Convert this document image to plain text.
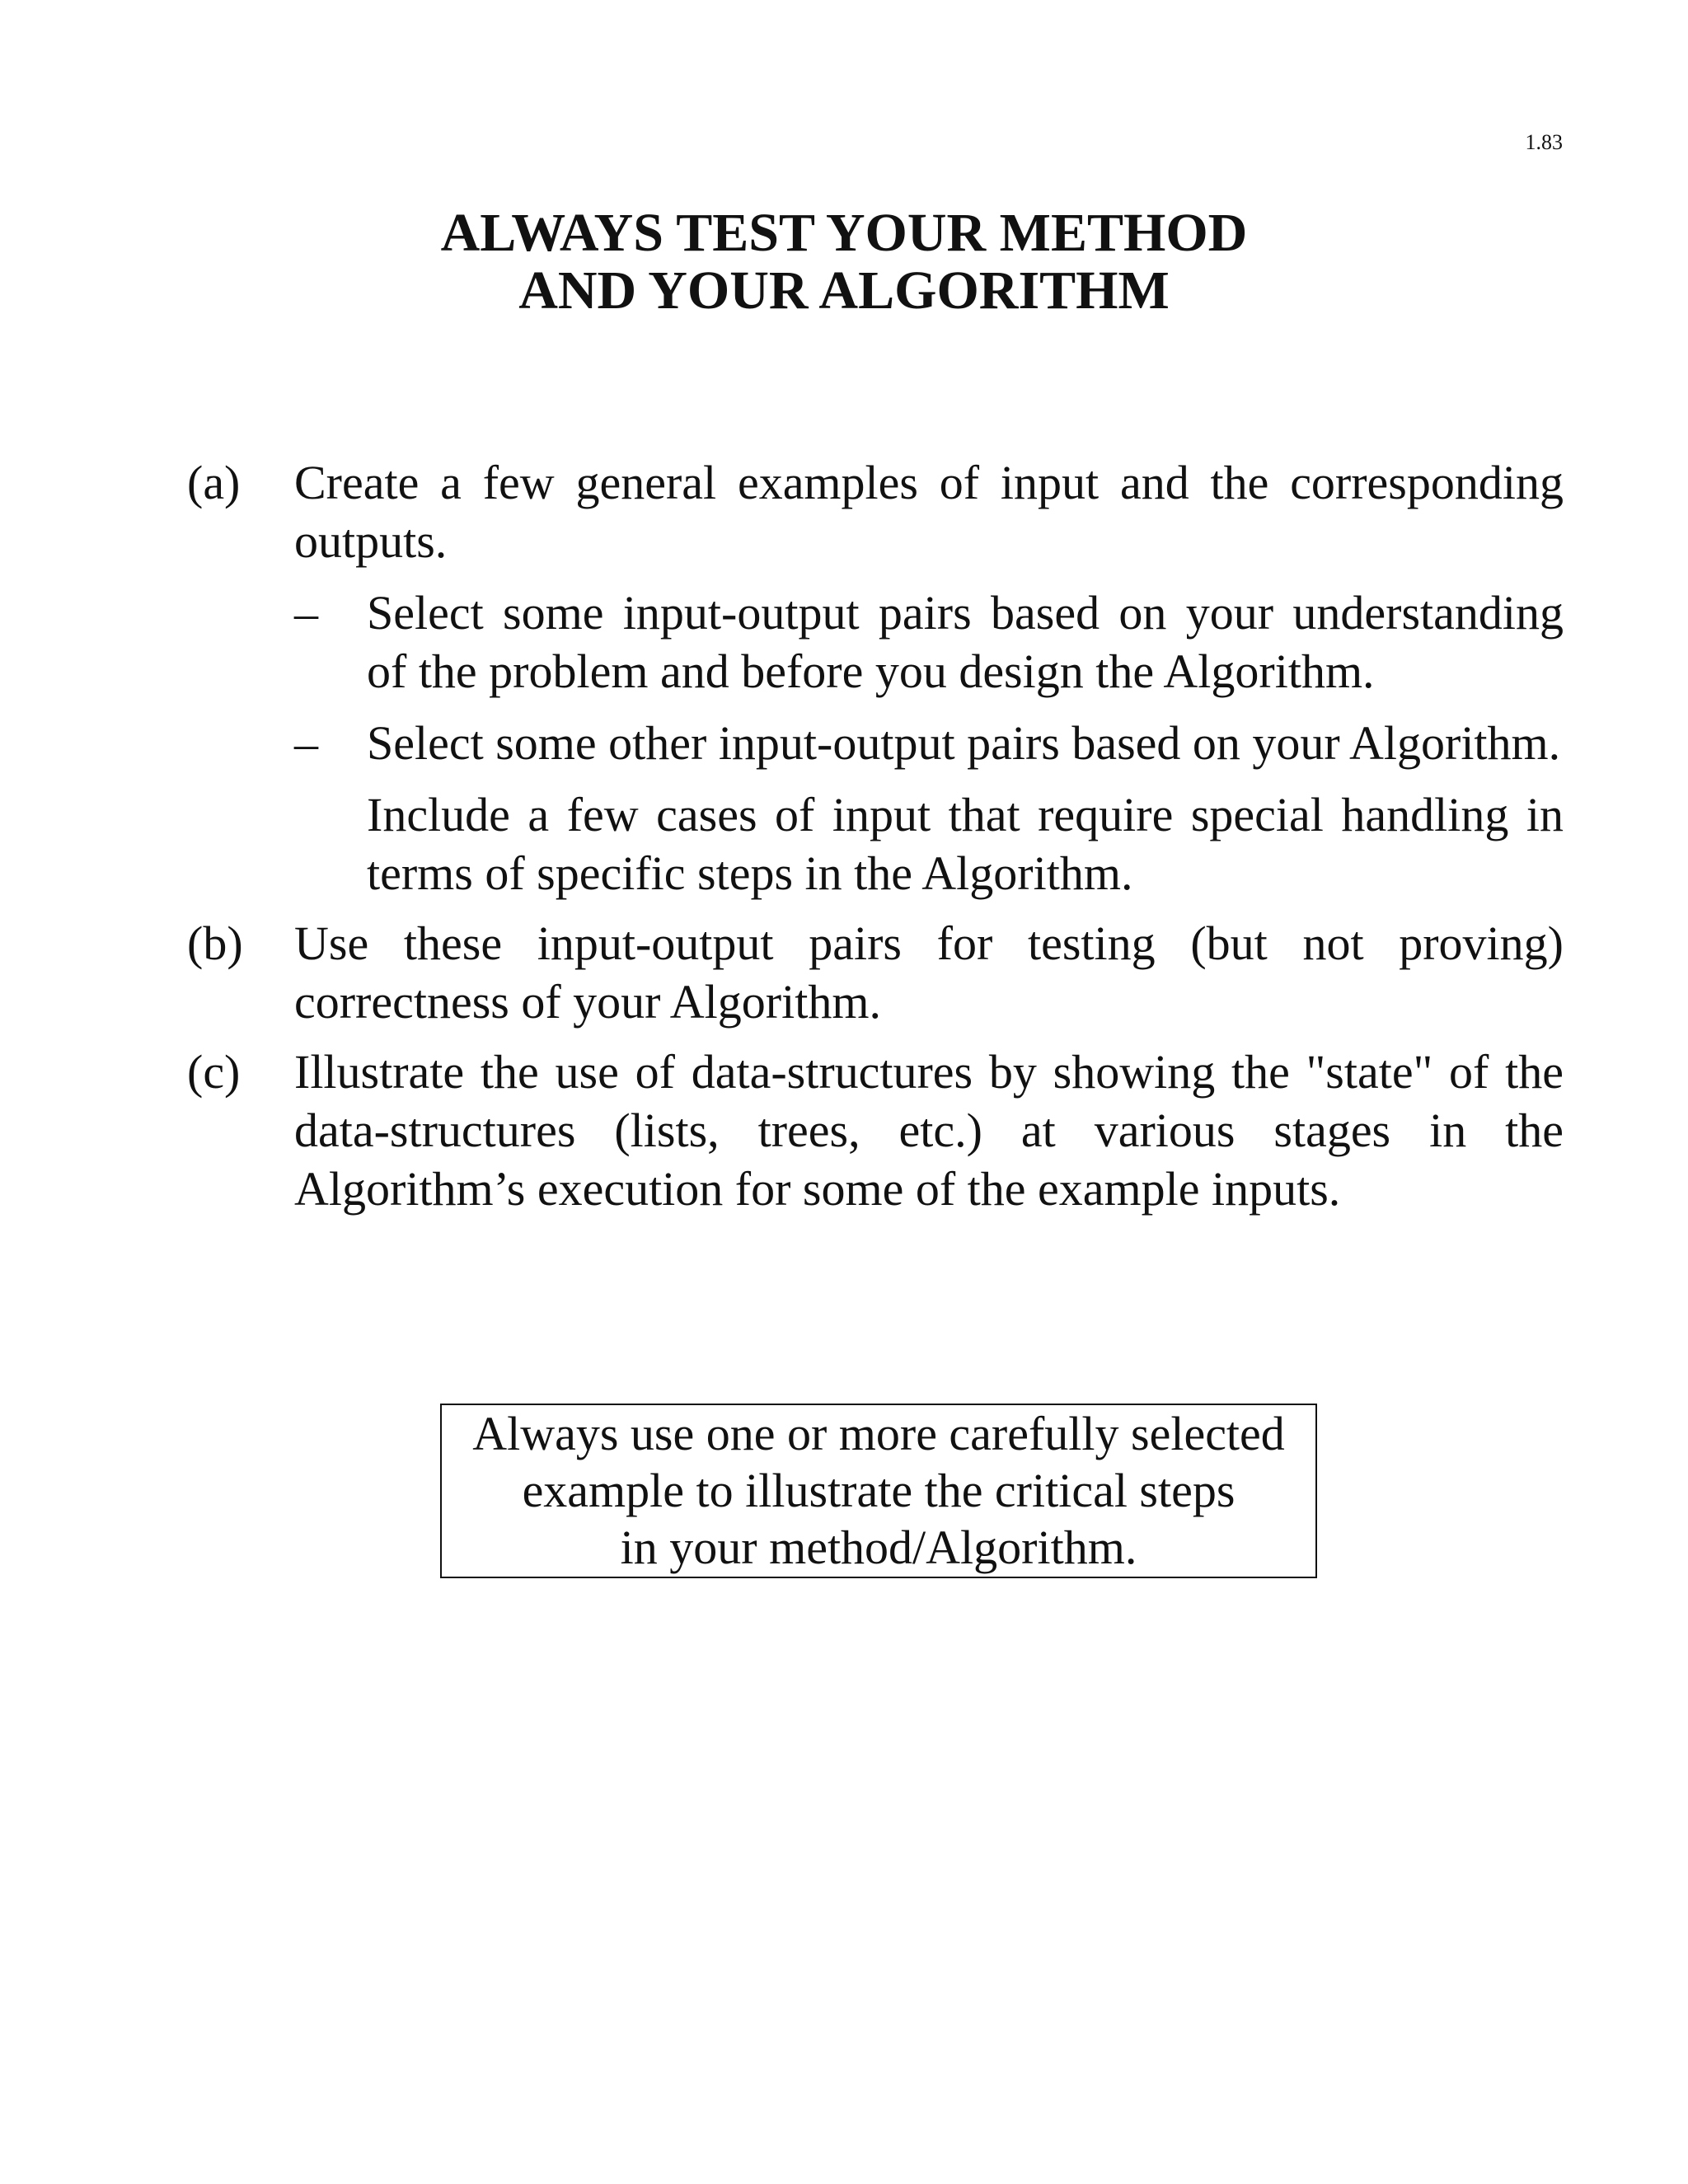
1.83
ALWAYS TEST YOUR METHOD
AND YOUR ALGORITHM
(a) Create a few general examples of input and the corresponding outputs.
– Select some input-output pairs based on your understanding of the problem and before you design the Algorithm.
– Select some other input-output pairs based on your Algorithm.
Include a few cases of input that require special handling in terms of specific steps in the Algorithm.
(b) Use these input-output pairs for testing (but not proving) correctness of your Algorithm.
(c) Illustrate the use of data-structures by showing the "state" of the data-structures (lists, trees, etc.) at various stages in the Algorithm’s execution for some of the example inputs.
Always use one or more carefully selected
example to illustrate the critical steps
in your method/Algorithm.
